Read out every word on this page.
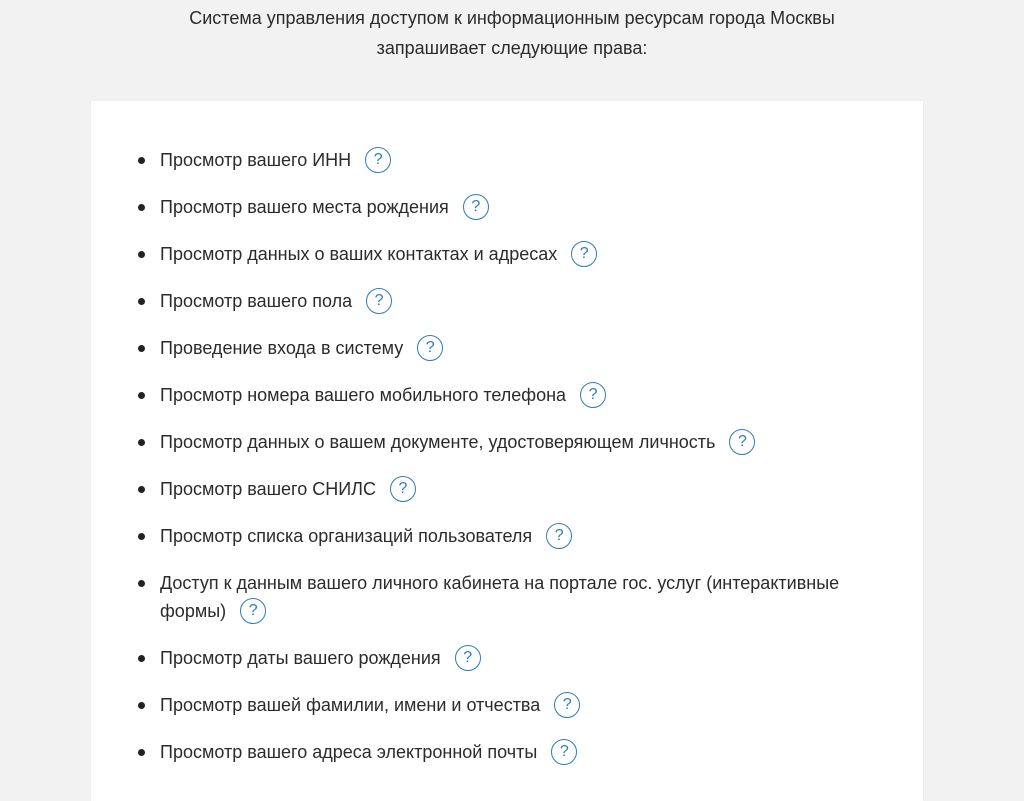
Система управления доступом к информационным ресурсам города Москвы
запрашивает следующие права:
Просмотр вашего ИНН ?
Просмотр вашего места рождения ?
Просмотр данных о ваших контактах и адресах ?
Просмотр вашего пола ?
Проведение входа в систему ?
Просмотр номера вашего мобильного телефона ?
Просмотр данных о вашем документе, удостоверяющем личность ?
Просмотр вашего СНИЛС ?
Просмотр списка организаций пользователя ?
Доступ к данным вашего личного кабинета на портале гос. услуг (интерактивные формы) ?
Просмотр даты вашего рождения ?
Просмотр вашей фамилии, имени и отчества ?
Просмотр вашего адреса электронной почты ?
